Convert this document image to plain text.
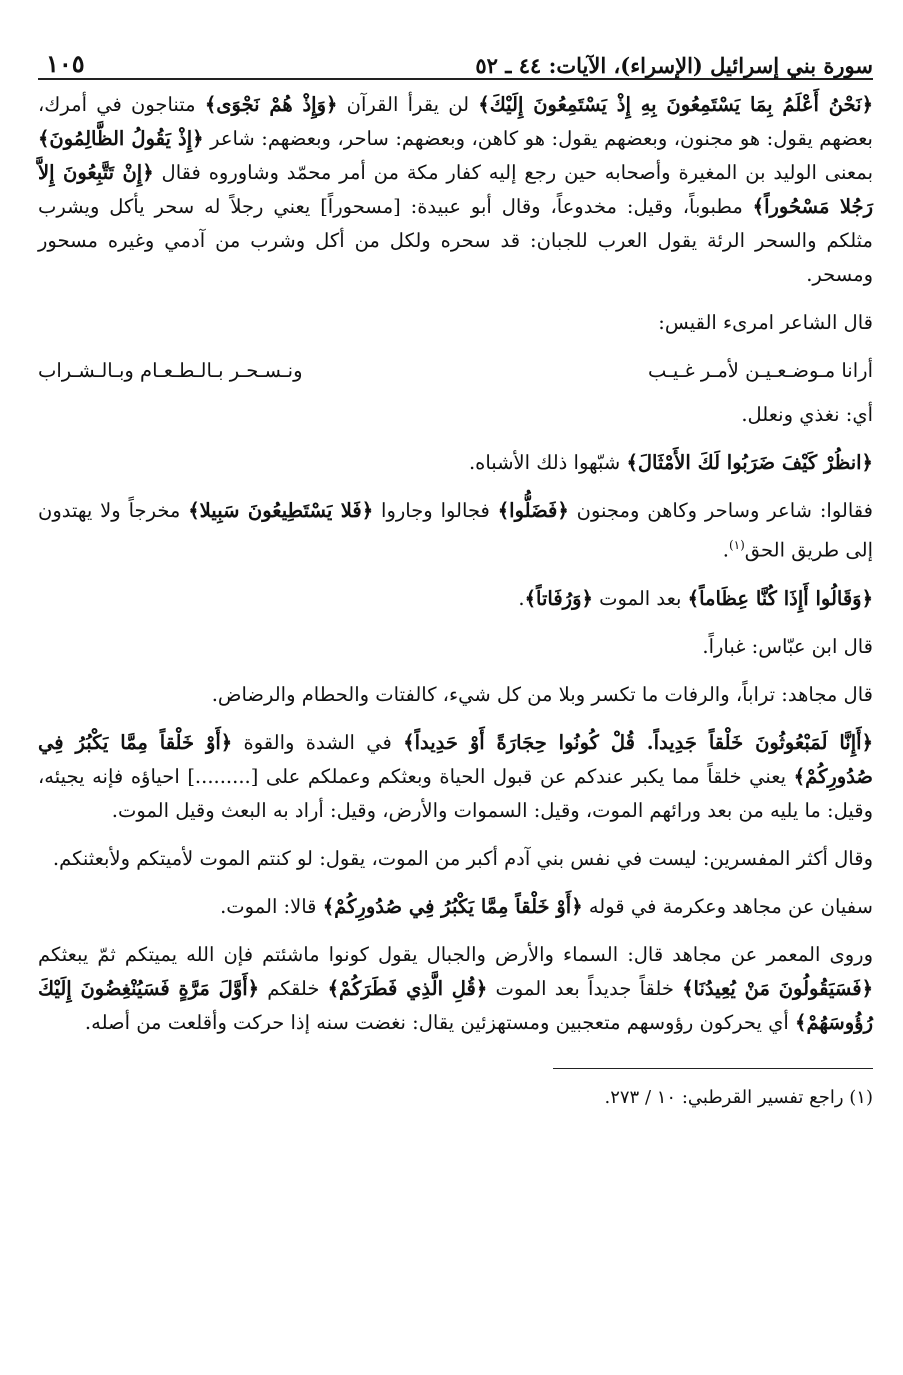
سورة بني إسرائيل (الإسراء)، الآيات: ٤٤ ـ ٥٢
١٠٥

﴿نَحْنُ أَعْلَمُ بِمَا يَسْتَمِعُونَ بِهِ إِذْ يَسْتَمِعُونَ إِلَيْكَ﴾ لن يقرأ القرآن ﴿وَإِذْ هُمْ نَجْوَى﴾ متناجون في أمرك، بعضهم يقول: هو مجنون، وبعضهم يقول: هو كاهن، وبعضهم: ساحر، وبعضهم: شاعر ﴿إِذْ يَقُولُ الظَّالِمُونَ﴾ بمعنى الوليد بن المغيرة وأصحابه حين رجع إليه كفار مكة من أمر محمّد وشاوروه فقال ﴿إِنْ تَتَّبِعُونَ إِلاَّ رَجُلا مَسْحُوراً﴾ مطبوباً، وقيل: مخدوعاً، وقال أبو عبيدة: [مسحوراً] يعني رجلاً له سحر يأكل ويشرب مثلكم والسحر الرئة يقول العرب للجبان: قد سحره ولكل من أكل وشرب من آدمي وغيره مسحور ومسحر.

قال الشاعر امرىء القيس:

أرانا مـوضـعـيـن لأمـر غـيـب
ونـسـحـر بـالـطـعـام وبـالـشـراب

أي: نغذي ونعلل.

﴿انظُرْ كَيْفَ ضَرَبُوا لَكَ الأَمْثَالَ﴾ شبّهوا ذلك الأشباه.

فقالوا: شاعر وساحر وكاهن ومجنون ﴿فَضَلُّوا﴾ فجالوا وجاروا ﴿فَلا يَسْتَطِيعُونَ سَبِيلا﴾ مخرجاً ولا يهتدون إلى طريق الحق$^{(١)}$.

﴿وَقَالُوا أَإِذَا كُنَّا عِظَاماً﴾ بعد الموت ﴿وَرُفَاتاً﴾.

قال ابن عبّاس: غباراً.

قال مجاهد: تراباً، والرفات ما تكسر وبلا من كل شيء، كالفتات والحطام والرضاض.

﴿أَإِنَّا لَمَبْعُوثُونَ خَلْقاً جَدِيداً. قُلْ كُونُوا حِجَارَةً أَوْ حَدِيداً﴾ في الشدة والقوة ﴿أَوْ خَلْقاً مِمَّا يَكْبُرُ فِي صُدُورِكُمْ﴾ يعني خلقاً مما يكبر عندكم عن قبول الحياة وبعثكم وعملكم على [.........] احياؤه فإنه يجيئه، وقيل: ما يليه من بعد ورائهم الموت، وقيل: السموات والأرض، وقيل: أراد به البعث وقيل الموت.

وقال أكثر المفسرين: ليست في نفس بني آدم أكبر من الموت، يقول: لو كنتم الموت لأميتكم ولأبعثنكم.

سفيان عن مجاهد وعكرمة في قوله ﴿أَوْ خَلْقاً مِمَّا يَكْبُرُ فِي صُدُورِكُمْ﴾ قالا: الموت.

وروى المعمر عن مجاهد قال: السماء والأرض والجبال يقول كونوا ماشئتم فإن الله يميتكم ثمّ يبعثكم ﴿فَسَيَقُولُونَ مَنْ يُعِيدُنَا﴾ خلقاً جديداً بعد الموت ﴿قُلِ الَّذِي فَطَرَكُمْ﴾ خلقكم ﴿أَوَّلَ مَرَّةٍ فَسَيُنْغِضُونَ إِلَيْكَ رُؤُوسَهُمْ﴾ أي يحركون رؤوسهم متعجبين ومستهزئين يقال: نغضت سنه إذا حركت وأقلعت من أصله.

(١) راجع تفسير القرطبي: ١٠ / ٢٧٣.
